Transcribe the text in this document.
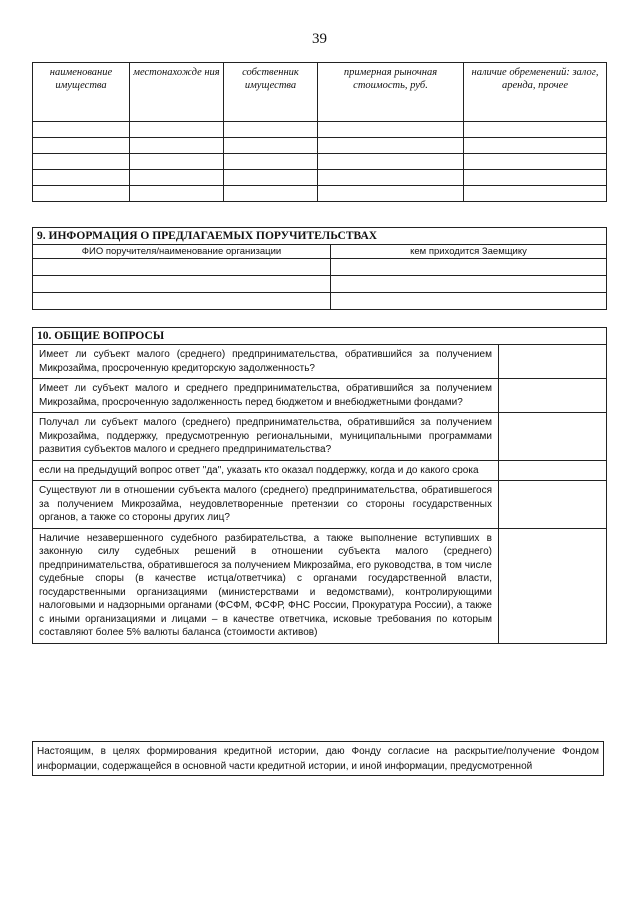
39
наименование имущества	местонахожде ния	собственник имущества	примерная рыночная стоимость, руб.	наличие обременений: залог, аренда, прочее

9. ИНФОРМАЦИЯ О ПРЕДЛАГАЕМЫХ ПОРУЧИТЕЛЬСТВАХ	
ФИО поручителя/наименование организации	кем приходится Заемщику

10. ОБЩИЕ ВОПРОСЫ	
Имеет ли субъект малого (среднего) предпринимательства, обратившийся за получением Микрозайма, просроченную кредиторскую задолженность?	
Имеет ли субъект малого и среднего предпринимательства, обратившийся за получением Микрозайма, просроченную задолженность перед бюджетом и внебюджетными фондами?	
Получал ли субъект малого (среднего) предпринимательства, обратившийся за получением Микрозайма, поддержку, предусмотренную региональными, муниципальными программами развития субъектов малого и среднего предпринимательства?	
если на предыдущий вопрос ответ "да", указать кто оказал поддержку, когда и до какого срока	
Существуют ли в отношении субъекта малого (среднего) предпринимательства, обратившегося за получением Микрозайма, неудовлетворенные претензии со стороны государственных органов, а также со стороны других лиц?	
Наличие незавершенного судебного разбирательства, а также выполнение вступивших в законную силу судебных решений в отношении субъекта малого (среднего) предпринимательства, обратившегося за получением Микрозайма, его руководства, в том числе судебные споры (в качестве истца/ответчика) с органами государственной власти, государственными организациями (министерствами и ведомствами), контролирующими налоговыми и надзорными органами (ФСФМ, ФСФР, ФНС России, Прокуратура России), а также с иными организациями и лицами – в качестве ответчика, исковые требования по которым составляют более 5% валюты баланса (стоимости активов)	
Настоящим, в целях формирования кредитной истории, даю Фонду согласие на раскрытие/получение Фондом информации, содержащейся в основной части кредитной истории, и иной информации, предусмотренной
